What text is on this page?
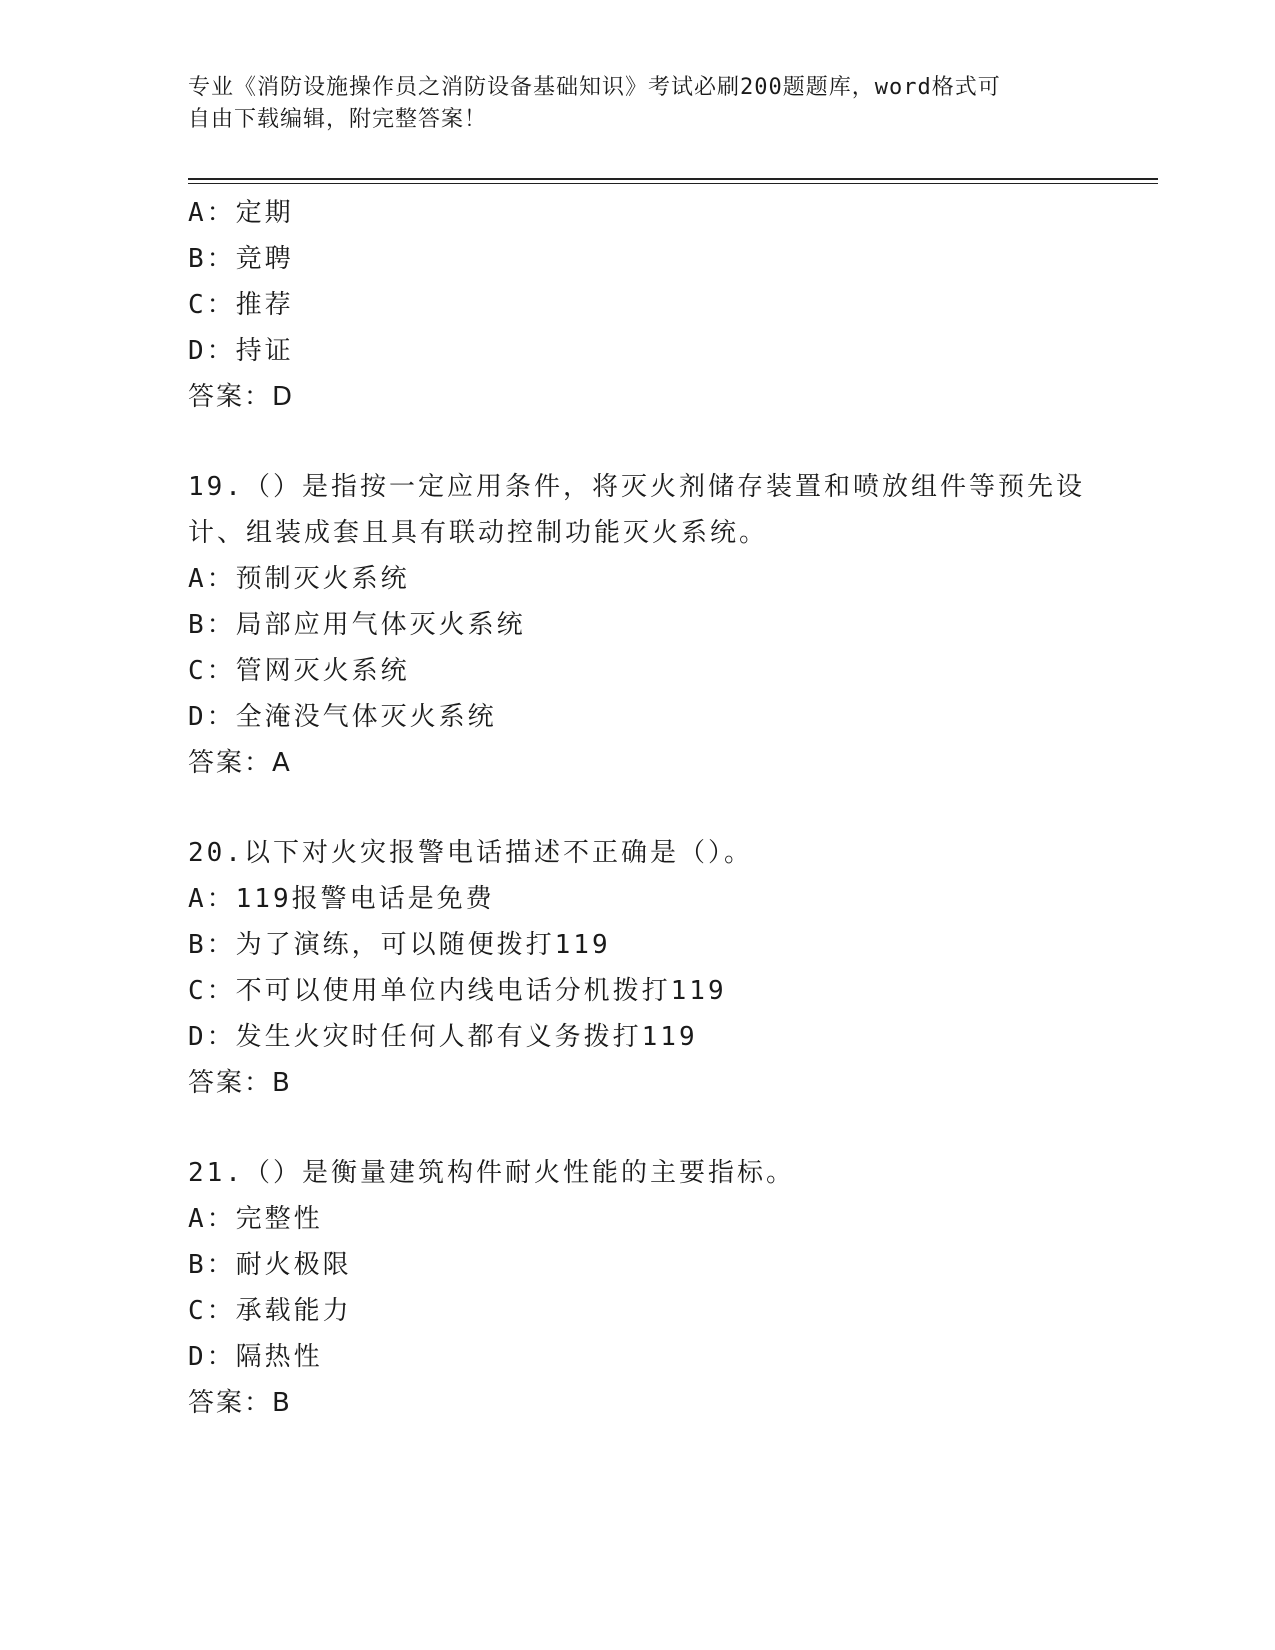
专业《消防设施操作员之消防设备基础知识》考试必刷200题题库，word格式可
自由下载编辑，附完整答案！
A：定期
B：竞聘
C：推荐
D：持证
答案：D
19.（）是指按一定应用条件，将灭火剂储存装置和喷放组件等预先设
计、组装成套且具有联动控制功能灭火系统。
A：预制灭火系统
B：局部应用气体灭火系统
C：管网灭火系统
D：全淹没气体灭火系统
答案：A
20.以下对火灾报警电话描述不正确是（）。
A：119报警电话是免费
B：为了演练，可以随便拨打119
C：不可以使用单位内线电话分机拨打119
D：发生火灾时任何人都有义务拨打119
答案：B
21.（）是衡量建筑构件耐火性能的主要指标。
A：完整性
B：耐火极限
C：承载能力
D：隔热性
答案：B
